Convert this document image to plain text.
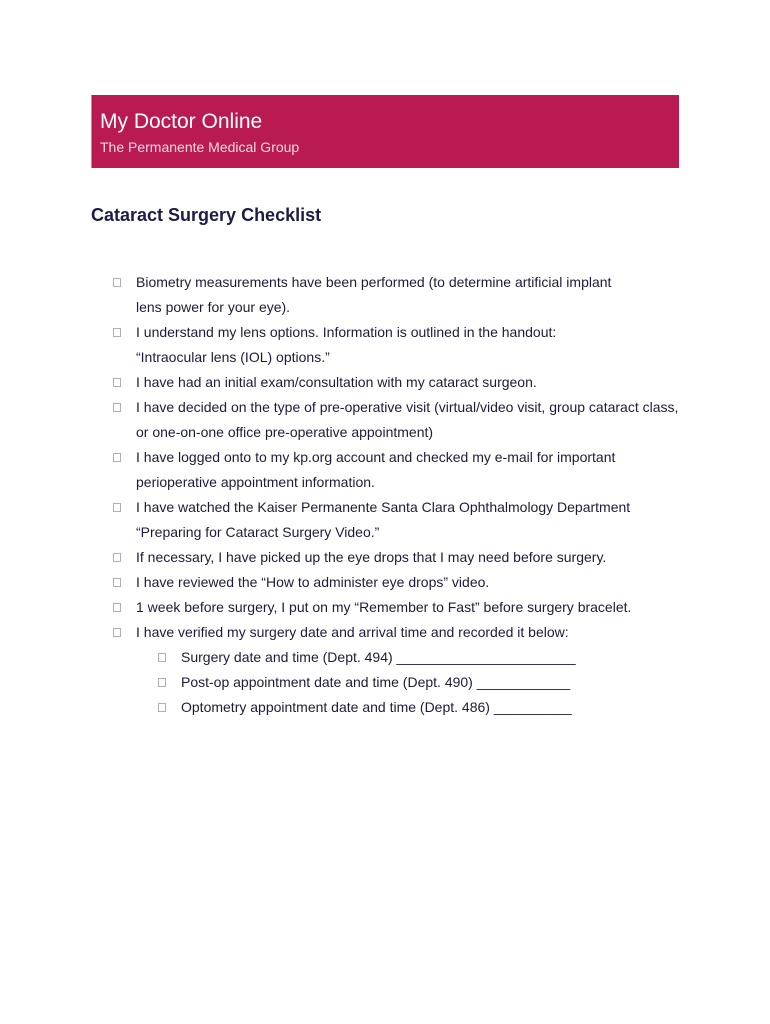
My Doctor Online
The Permanente Medical Group
Cataract Surgery Checklist
Biometry measurements have been performed (to determine artificial implant
lens power for your eye).
I understand my lens options. Information is outlined in the handout:
“Intraocular lens (IOL) options.”
I have had an initial exam/consultation with my cataract surgeon.
I have decided on the type of pre-operative visit (virtual/video visit, group cataract class,
or one-on-one office pre-operative appointment)
I have logged onto to my kp.org account and checked my e-mail for important
perioperative appointment information.
I have watched the Kaiser Permanente Santa Clara Ophthalmology Department
“Preparing for Cataract Surgery Video.”
If necessary, I have picked up the eye drops that I may need before surgery.
I have reviewed the “How to administer eye drops” video.
1 week before surgery, I put on my “Remember to Fast” before surgery bracelet.
I have verified my surgery date and arrival time and recorded it below:
Surgery date and time (Dept. 494) _______________________
Post-op appointment date and time (Dept. 490) ____________
Optometry appointment date and time (Dept. 486) __________
